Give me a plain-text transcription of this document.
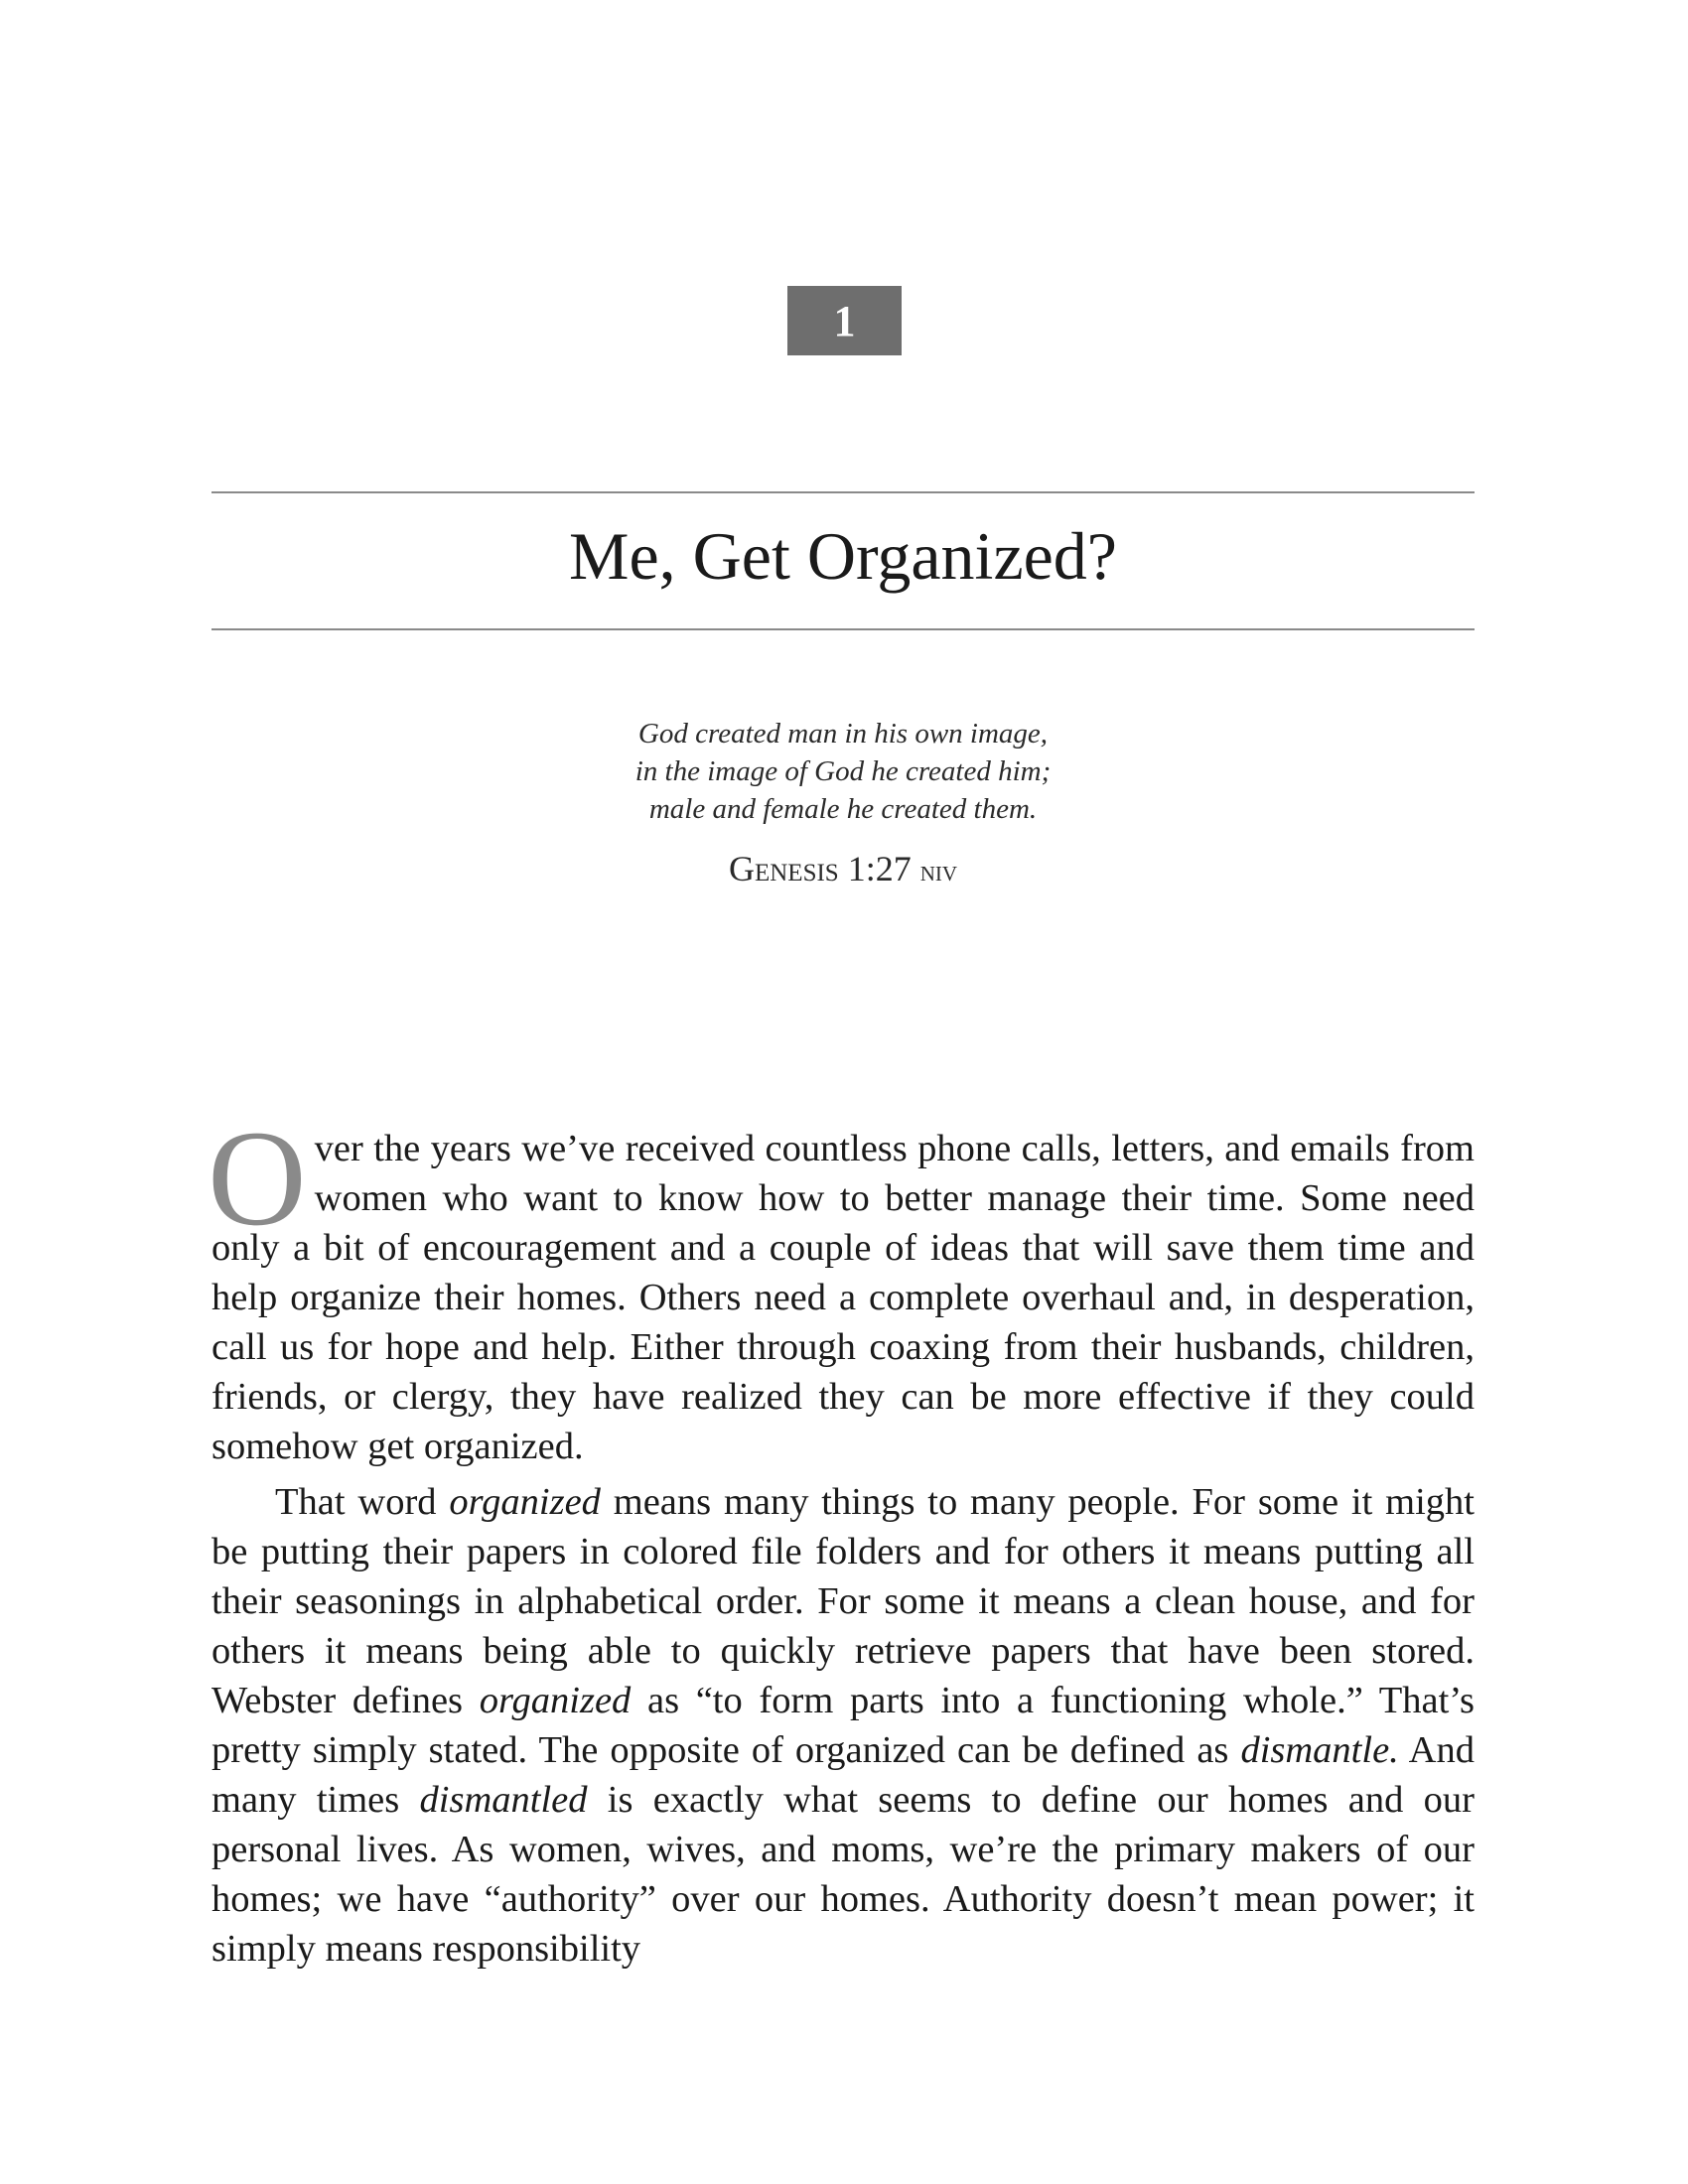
1
Me, Get Organized?
God created man in his own image,
in the image of God he created him;
male and female he created them.
Genesis 1:27 niv

Over the years we’ve received countless phone calls, letters, and emails from women who want to know how to better manage their time. Some need only a bit of encouragement and a couple of ideas that will save them time and help organize their homes. Others need a complete overhaul and, in desperation, call us for hope and help. Either through coaxing from their husbands, children, friends, or clergy, they have realized they can be more effective if they could somehow get organized.

That word organized means many things to many people. For some it might be putting their papers in colored file folders and for others it means putting all their seasonings in alphabetical order. For some it means a clean house, and for others it means being able to quickly retrieve papers that have been stored. Webster defines organized as “to form parts into a functioning whole.” That’s pretty simply stated. The opposite of organized can be defined as dismantle. And many times dismantled is exactly what seems to define our homes and our personal lives. As women, wives, and moms, we’re the primary makers of our homes; we have “authority” over our homes. Authority doesn’t mean power; it simply means responsibility
